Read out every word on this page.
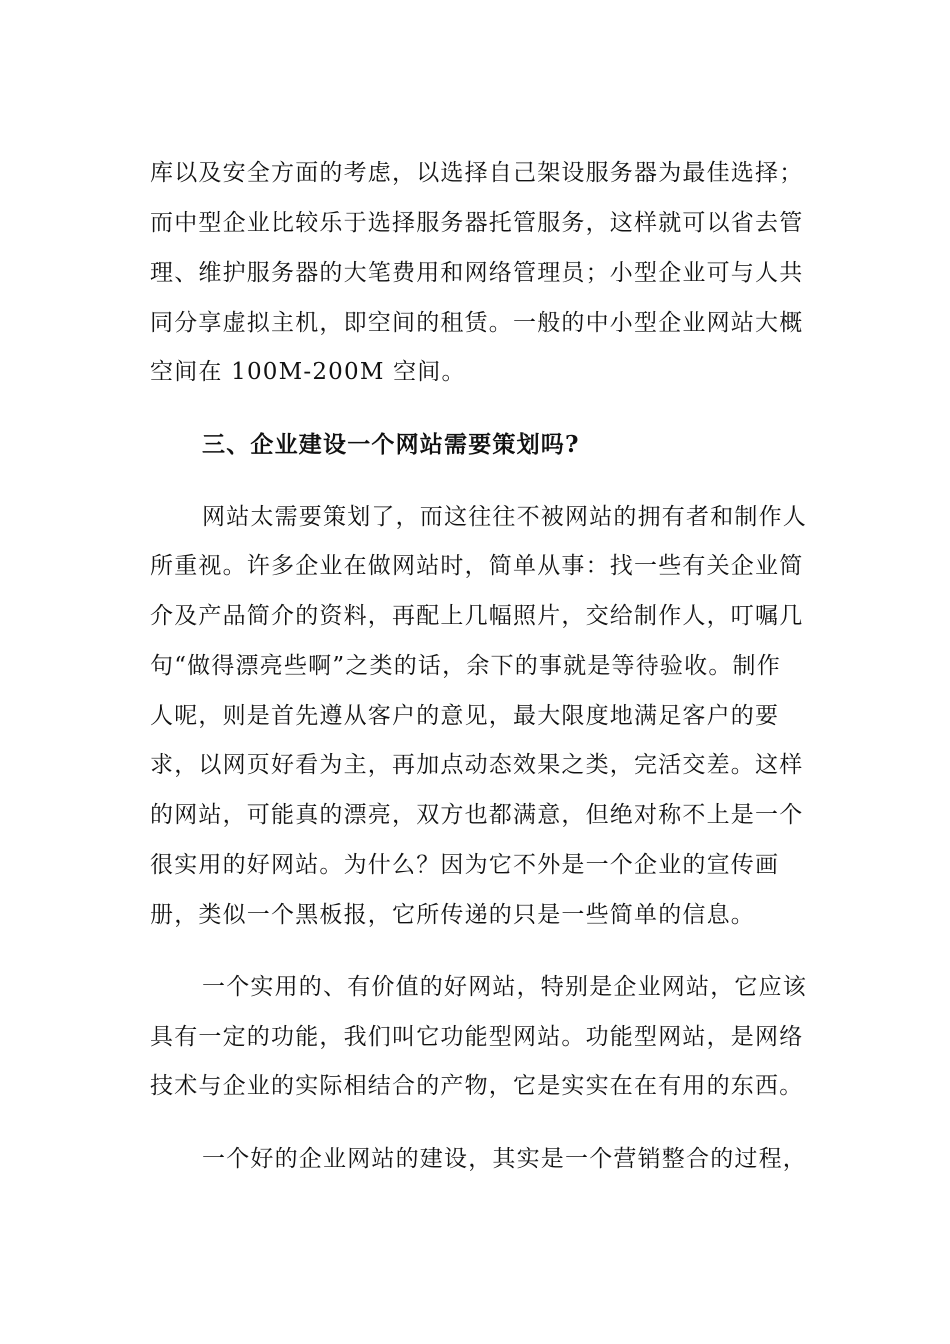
库以及安全方面的考虑，以选择自己架设服务器为最佳选择；
而中型企业比较乐于选择服务器托管服务，这样就可以省去管
理、维护服务器的大笔费用和网络管理员；小型企业可与人共
同分享虚拟主机，即空间的租赁。一般的中小型企业网站大概
空间在 100M-200M 空间。
三、企业建设一个网站需要策划吗?
网站太需要策划了，而这往往不被网站的拥有者和制作人
所重视。许多企业在做网站时，简单从事：找一些有关企业简
介及产品简介的资料，再配上几幅照片，交给制作人，叮嘱几
句“做得漂亮些啊”之类的话，余下的事就是等待验收。制作
人呢，则是首先遵从客户的意见，最大限度地满足客户的要
求，以网页好看为主，再加点动态效果之类，完活交差。这样
的网站，可能真的漂亮，双方也都满意，但绝对称不上是一个
很实用的好网站。为什么？因为它不外是一个企业的宣传画
册，类似一个黑板报，它所传递的只是一些简单的信息。
一个实用的、有价值的好网站，特别是企业网站，它应该
具有一定的功能，我们叫它功能型网站。功能型网站，是网络
技术与企业的实际相结合的产物，它是实实在在有用的东西。
一个好的企业网站的建设，其实是一个营销整合的过程，
